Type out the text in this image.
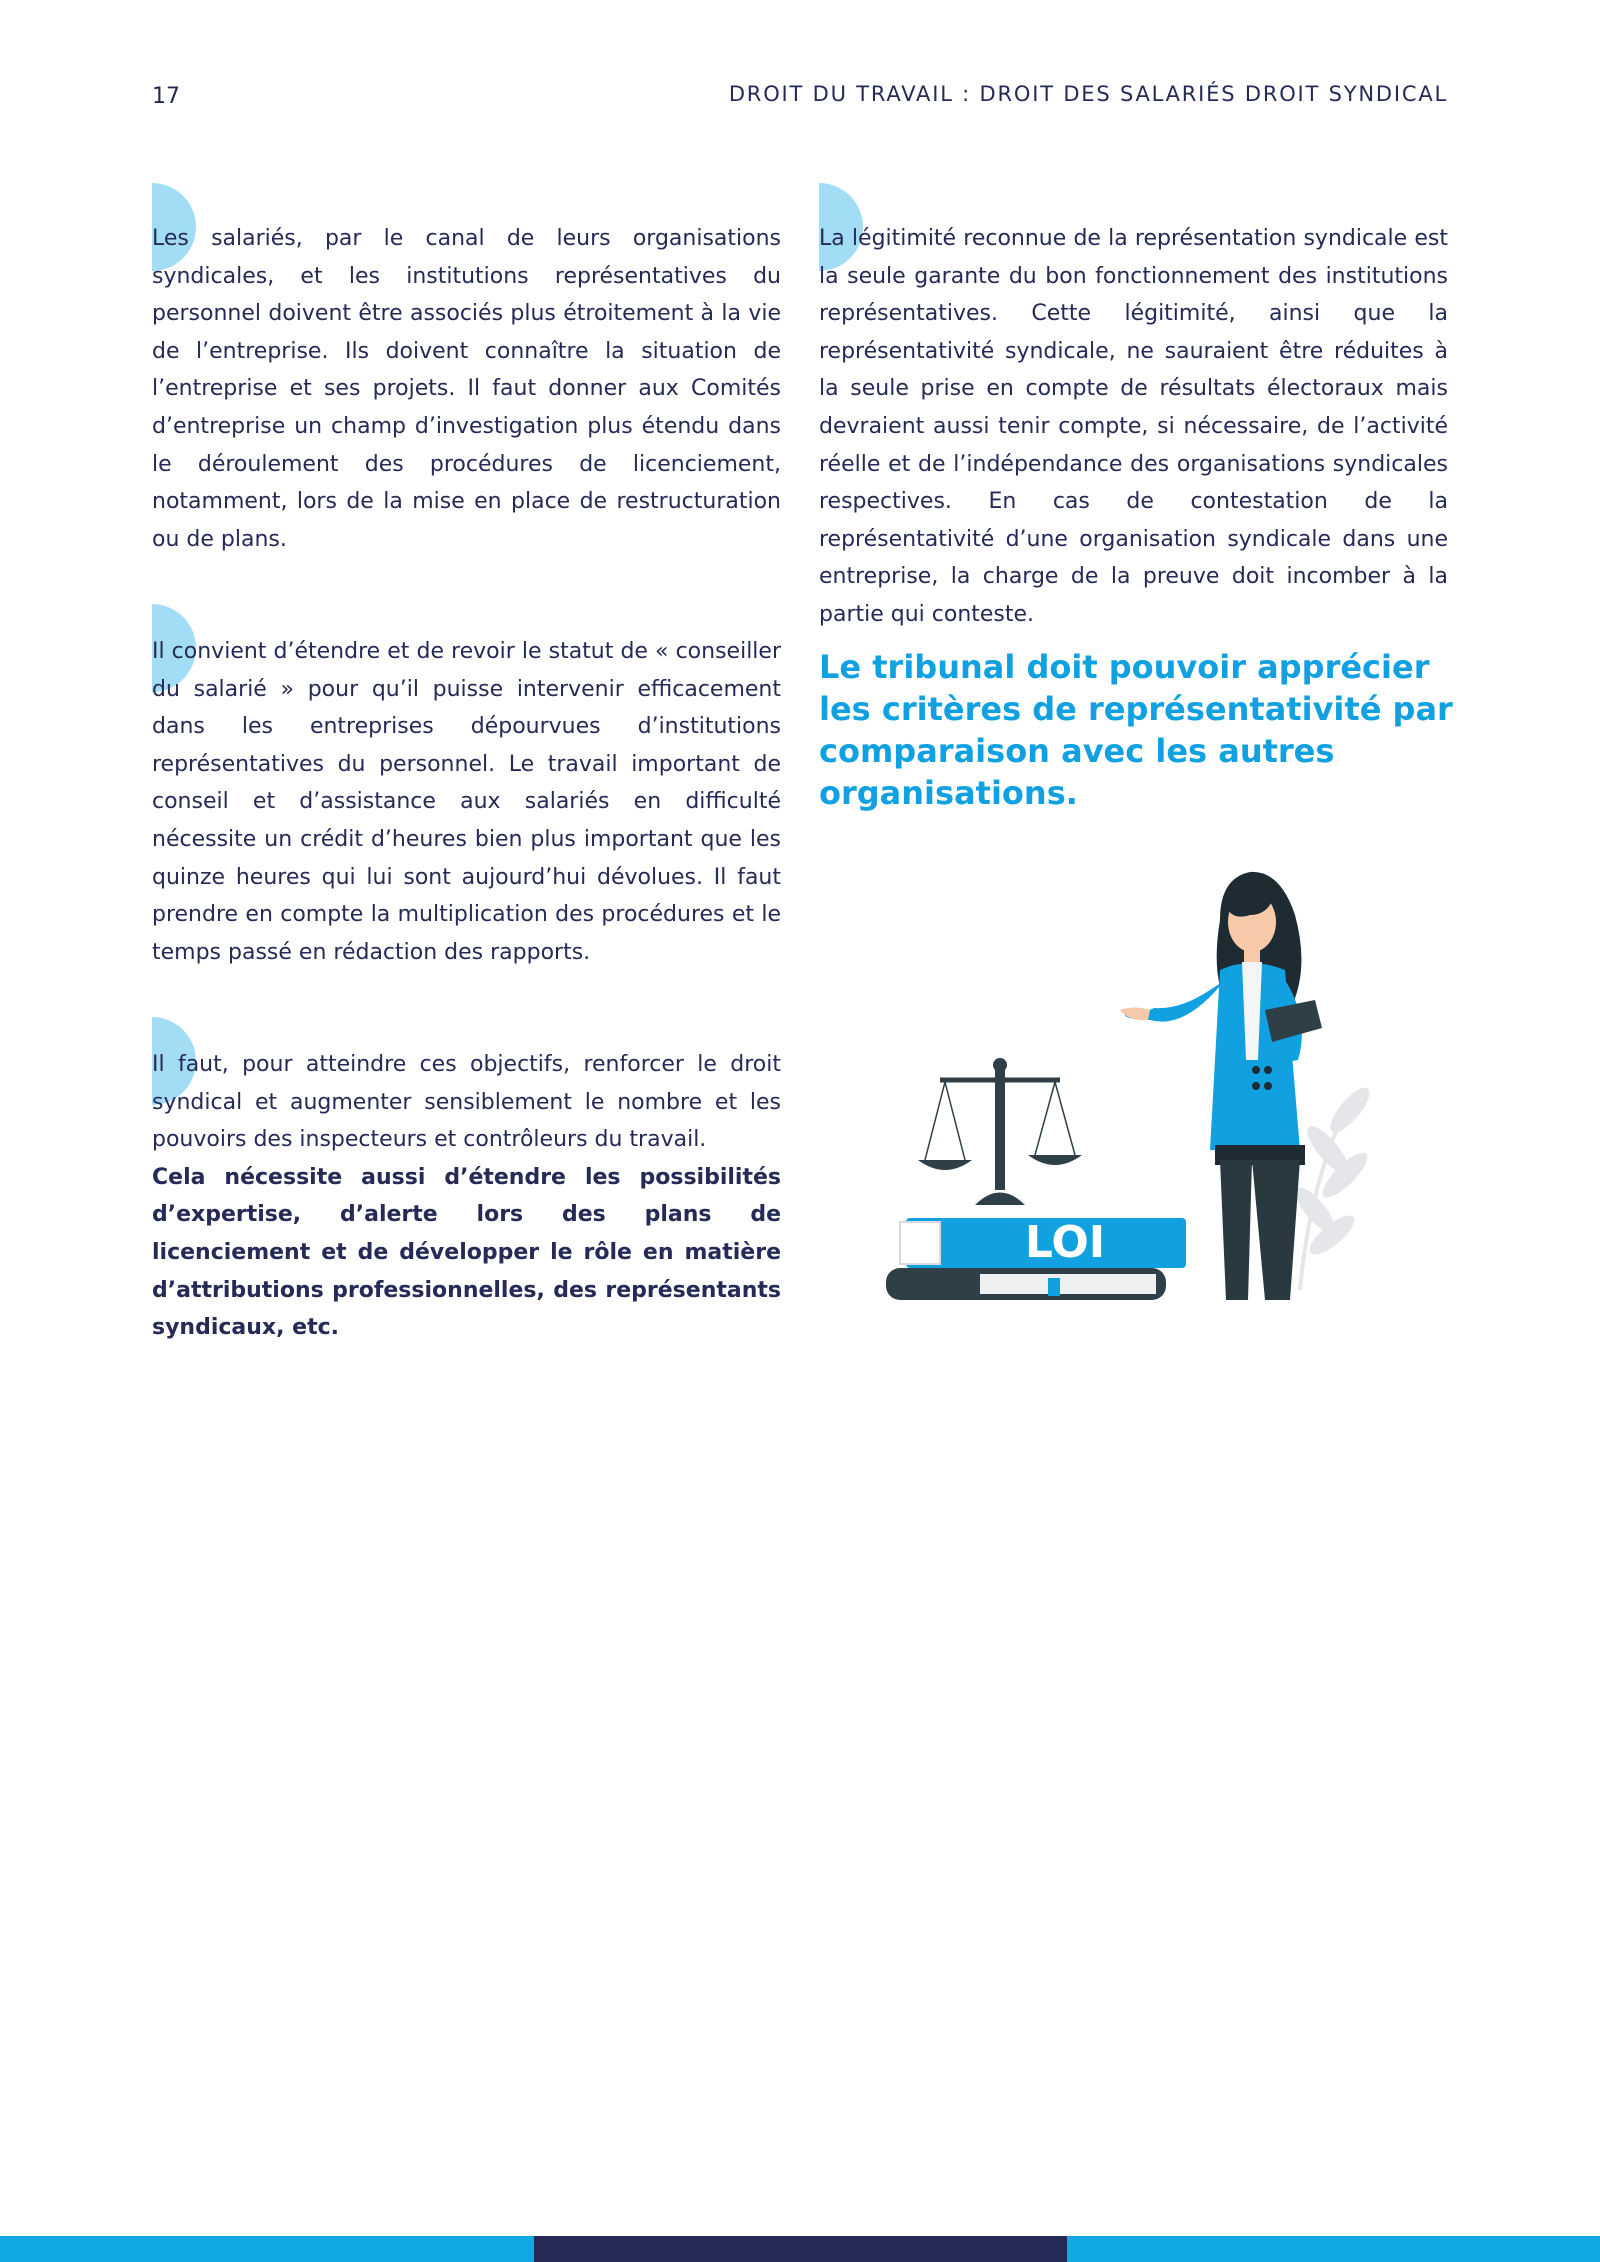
17	DROIT DU TRAVAIL : DROIT DES SALARIÉS DROIT SYNDICAL

Les salariés, par le canal de leurs organisations syndicales, et les institutions représentatives du personnel doivent être associés plus étroitement à la vie de l’entreprise. Ils doivent connaître la situation de l’entreprise et ses projets. Il faut donner aux Comités d’entreprise un champ d’investigation plus étendu dans le déroulement des procédures de licenciement, notamment, lors de la mise en place de restructuration ou de plans.

Il convient d’étendre et de revoir le statut de « conseiller du salarié » pour qu’il puisse intervenir efficacement dans les entreprises dépourvues d’institutions représentatives du personnel. Le travail important de conseil et d’assistance aux salariés en difficulté nécessite un crédit d’heures bien plus important que les quinze heures qui lui sont aujourd’hui dévolues. Il faut prendre en compte la multiplication des procédures et le temps passé en rédaction des rapports.

Il faut, pour atteindre ces objectifs, renforcer le droit syndical et augmenter sensiblement le nombre et les pouvoirs des inspecteurs et contrôleurs du travail.

Cela nécessite aussi d’étendre les possibilités d’expertise, d’alerte lors des plans de licenciement et de développer le rôle en matière d’attributions professionnelles, des représentants syndicaux, etc.

La légitimité reconnue de la représentation syndicale est la seule garante du bon fonctionnement des institutions représentatives. Cette légitimité, ainsi que la représentativité syndicale, ne sauraient être réduites à la seule prise en compte de résultats électoraux mais devraient aussi tenir compte, si nécessaire, de l’activité réelle et de l’indépendance des organisations syndicales respectives. En cas de contestation de la représentativité d’une organisation syndicale dans une entreprise, la charge de la preuve doit incomber à la partie qui conteste.

Le tribunal doit pouvoir apprécier les critères de représentativité par comparaison avec les autres organisations.
LOI
